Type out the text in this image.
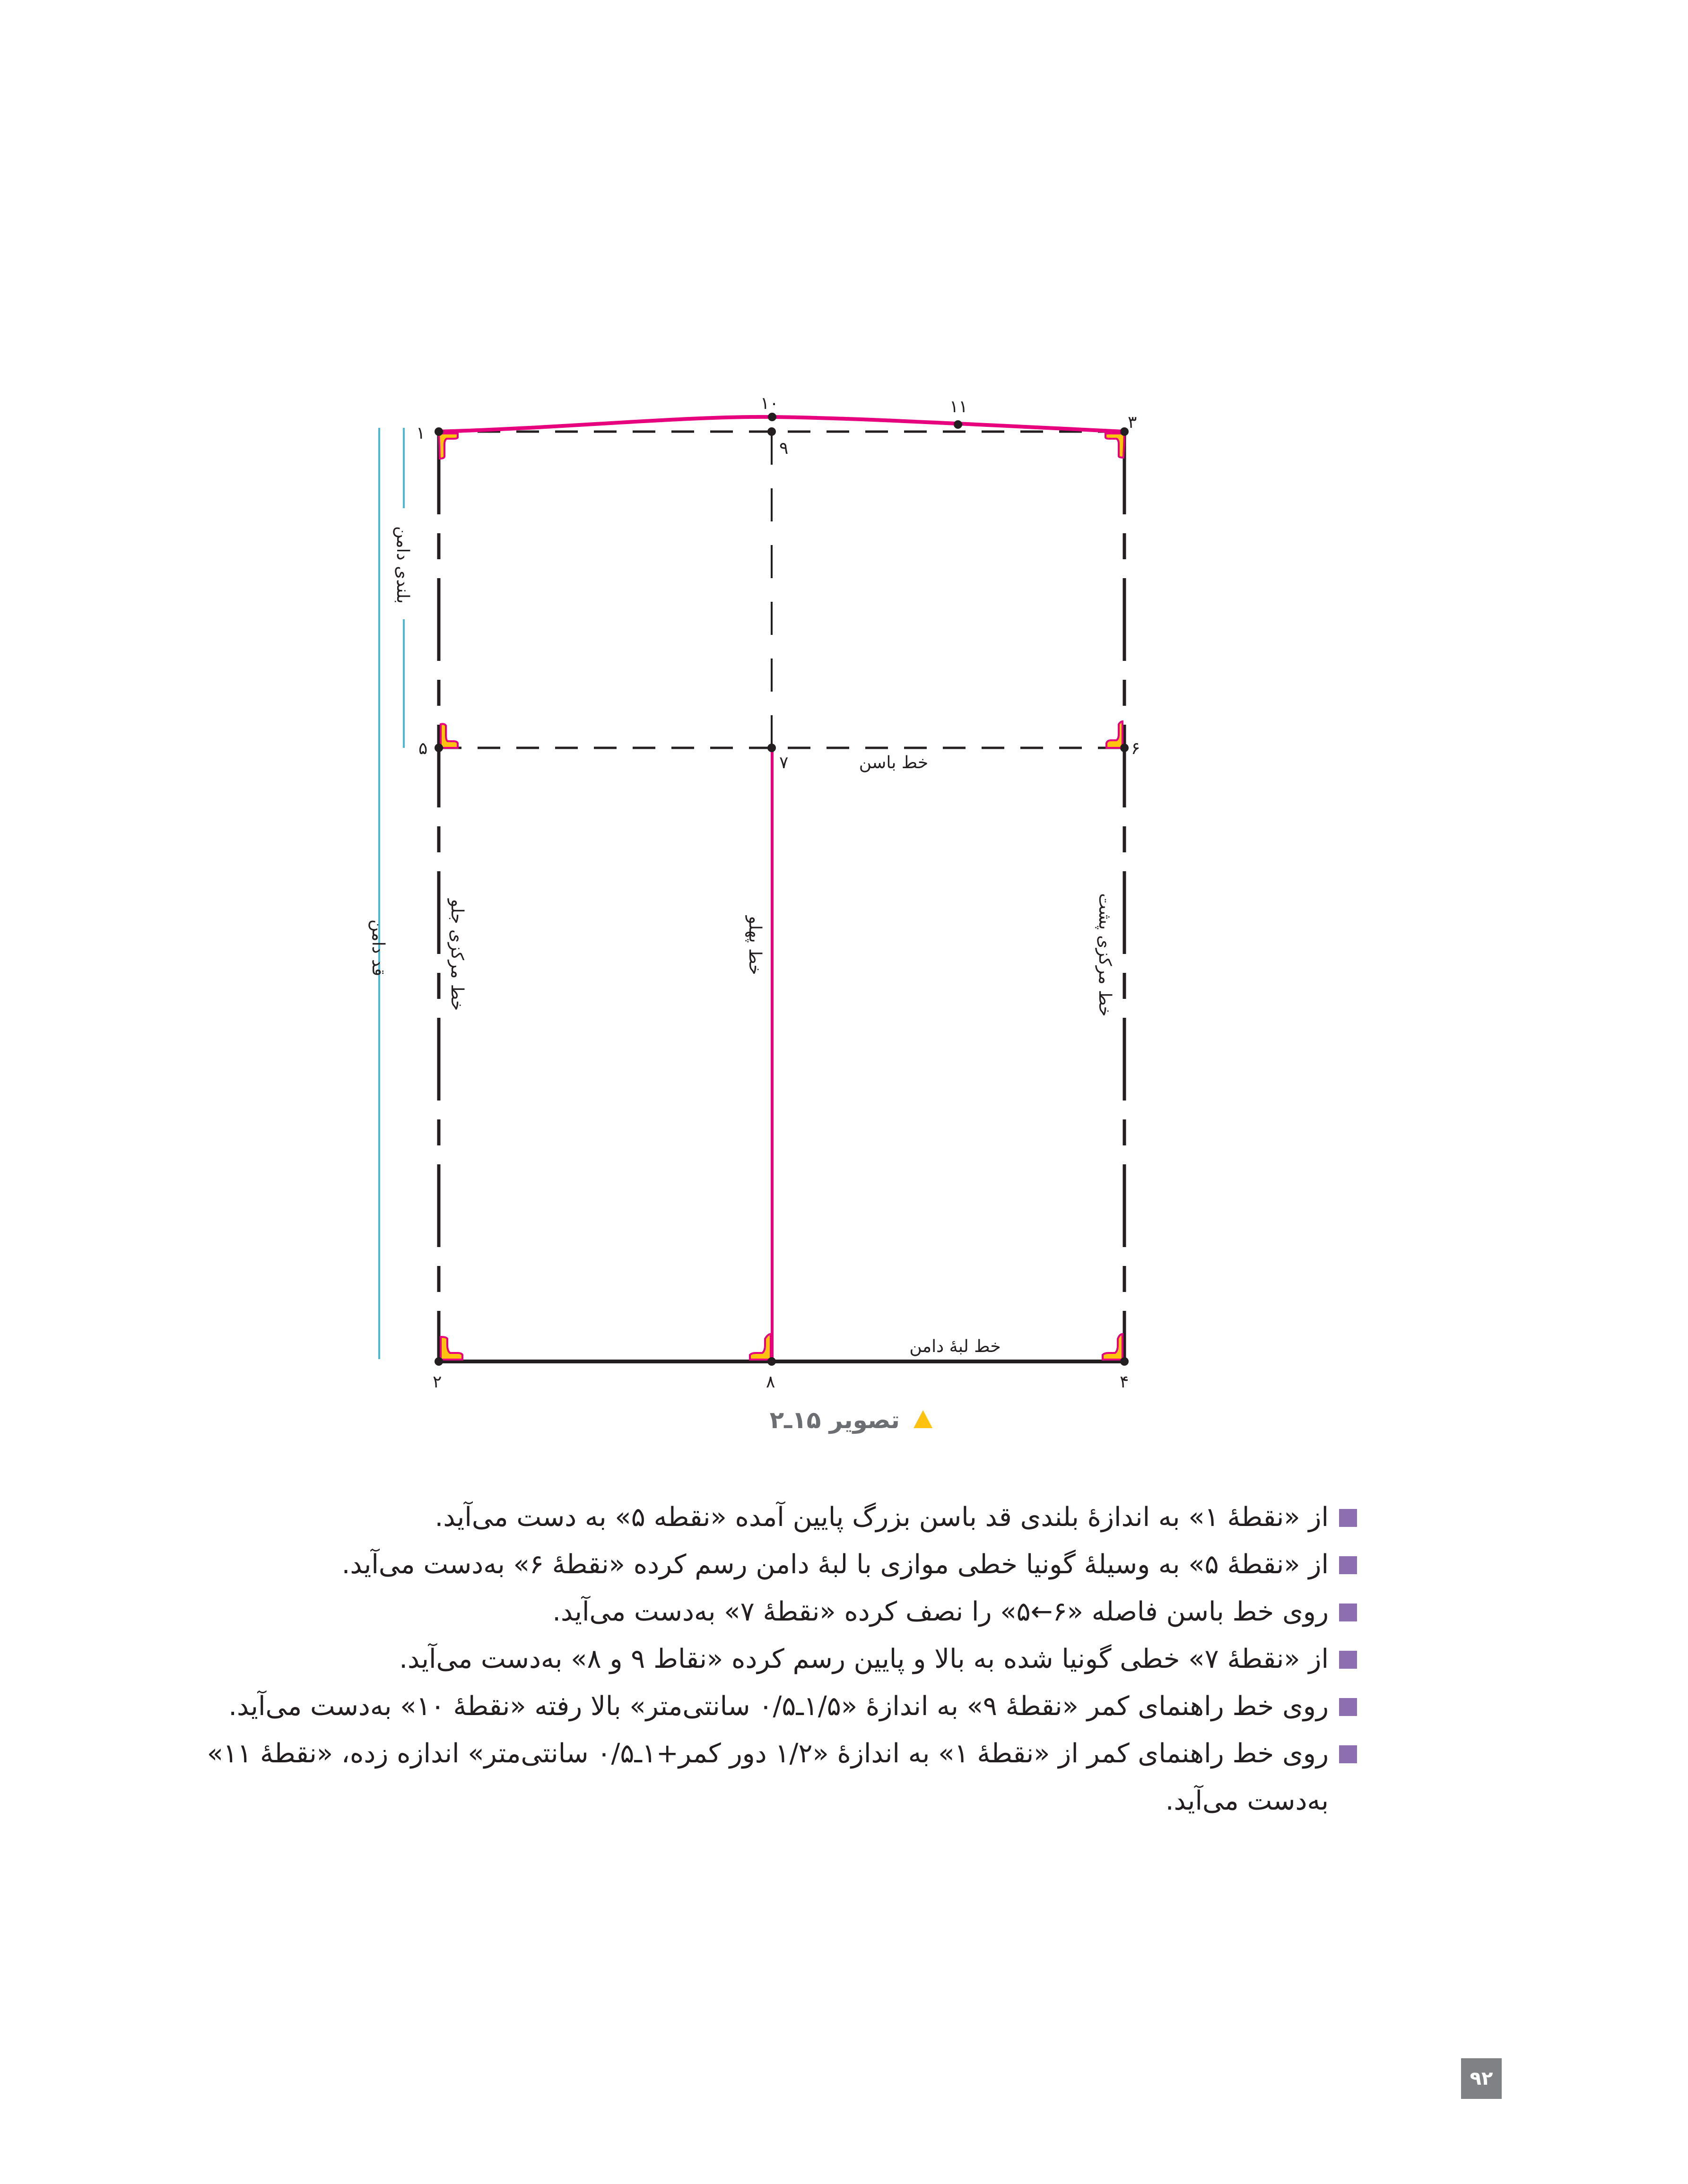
۱
۲
۳
۴
۵	۶
۷
۸
۹
۱۰	۱۱
خط باسن
خط لبهٔ دامن
خط پهلو
خط مرکزی جلو	خط مرکزی پشت
بلندی دامن
قد دامن
تصویر ۱۵ـ۲
از «نقطهٔ ۱» به اندازهٔ بلندی قد باسن بزرگ پایین آمده «نقطه ۵» به دست می‌آید.
از «نقطهٔ ۵» به وسیلهٔ گونیا خطی موازی با لبهٔ دامن رسم کرده «نقطهٔ ۶» به‌دست می‌آید.
روی خط باسن فاصله «۶←۵» را نصف کرده «نقطهٔ ۷» به‌دست می‌آید.
از «نقطهٔ ۷» خطی گونیا شده به بالا و پایین رسم کرده «نقاط ۹ و ۸» به‌دست می‌آید.
روی خط راهنمای کمر «نقطهٔ ۹» به اندازهٔ «۱/۵ـ۰/۵ سانتی‌متر» بالا رفته «نقطهٔ ۱۰» به‌دست می‌آید.
روی خط راهنمای کمر از «نقطهٔ ۱» به اندازهٔ «۱/۲ دور کمر+۱ـ۰/۵ سانتی‌متر» اندازه زده، «نقطهٔ ۱۱»
به‌دست می‌آید.
۹۲
